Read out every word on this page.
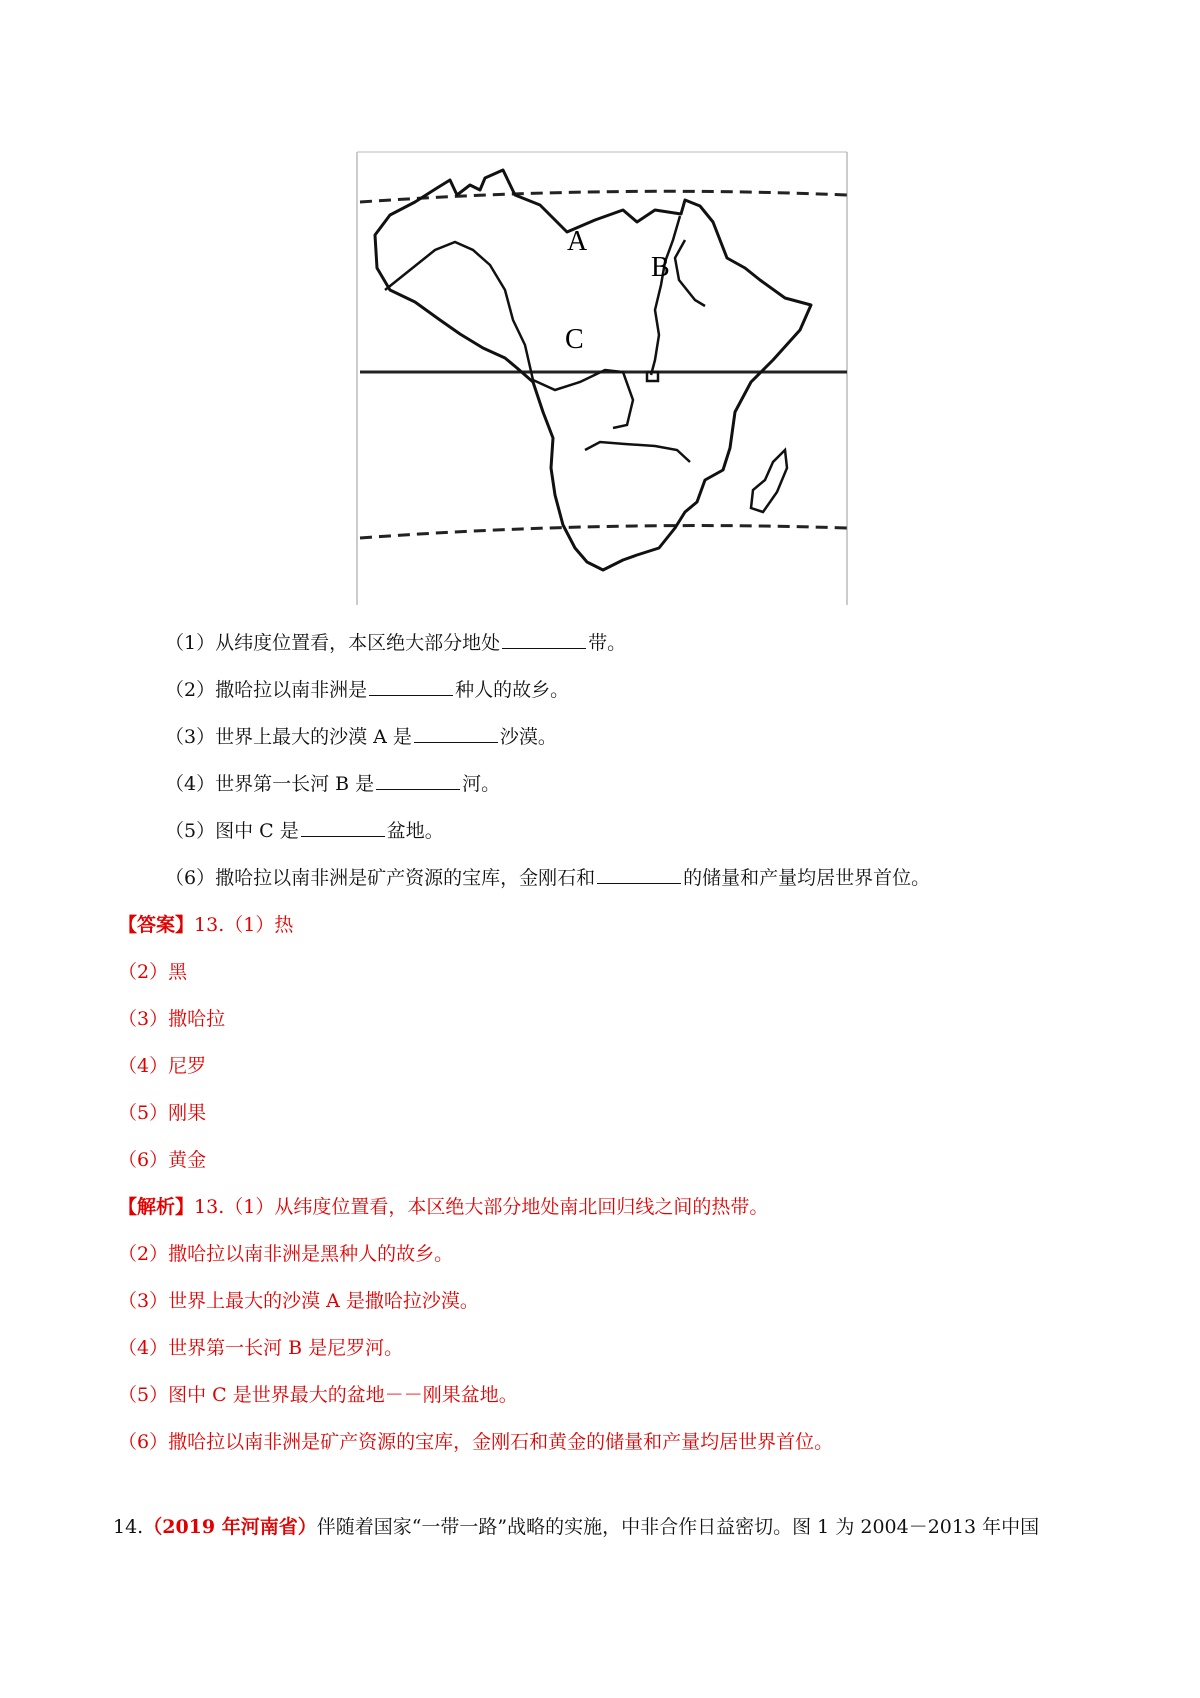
A
B
C
（1）从纬度位置看，本区绝大部分地处	带。
（2）撒哈拉以南非洲是	种人的故乡。
（3）世界上最大的沙漠 A 是	沙漠。
（4）世界第一长河 B 是	河。
（5）图中 C 是	盆地。
（6）撒哈拉以南非洲是矿产资源的宝库，金刚石和	的储量和产量均居世界首位。
【答案】13.（1）热
（2）黑
（3）撒哈拉
（4）尼罗
（5）刚果
（6）黄金
【解析】13.（1）从纬度位置看，本区绝大部分地处南北回归线之间的热带。
（2）撒哈拉以南非洲是黑种人的故乡。
（3）世界上最大的沙漠 A 是撒哈拉沙漠。
（4）世界第一长河 B 是尼罗河。
（5）图中 C 是世界最大的盆地－－刚果盆地。
（6）撒哈拉以南非洲是矿产资源的宝库，金刚石和黄金的储量和产量均居世界首位。
14.（2019 年河南省）伴随着国家“一带一路”战略的实施，中非合作日益密切。图 1 为 2004－2013 年中国
